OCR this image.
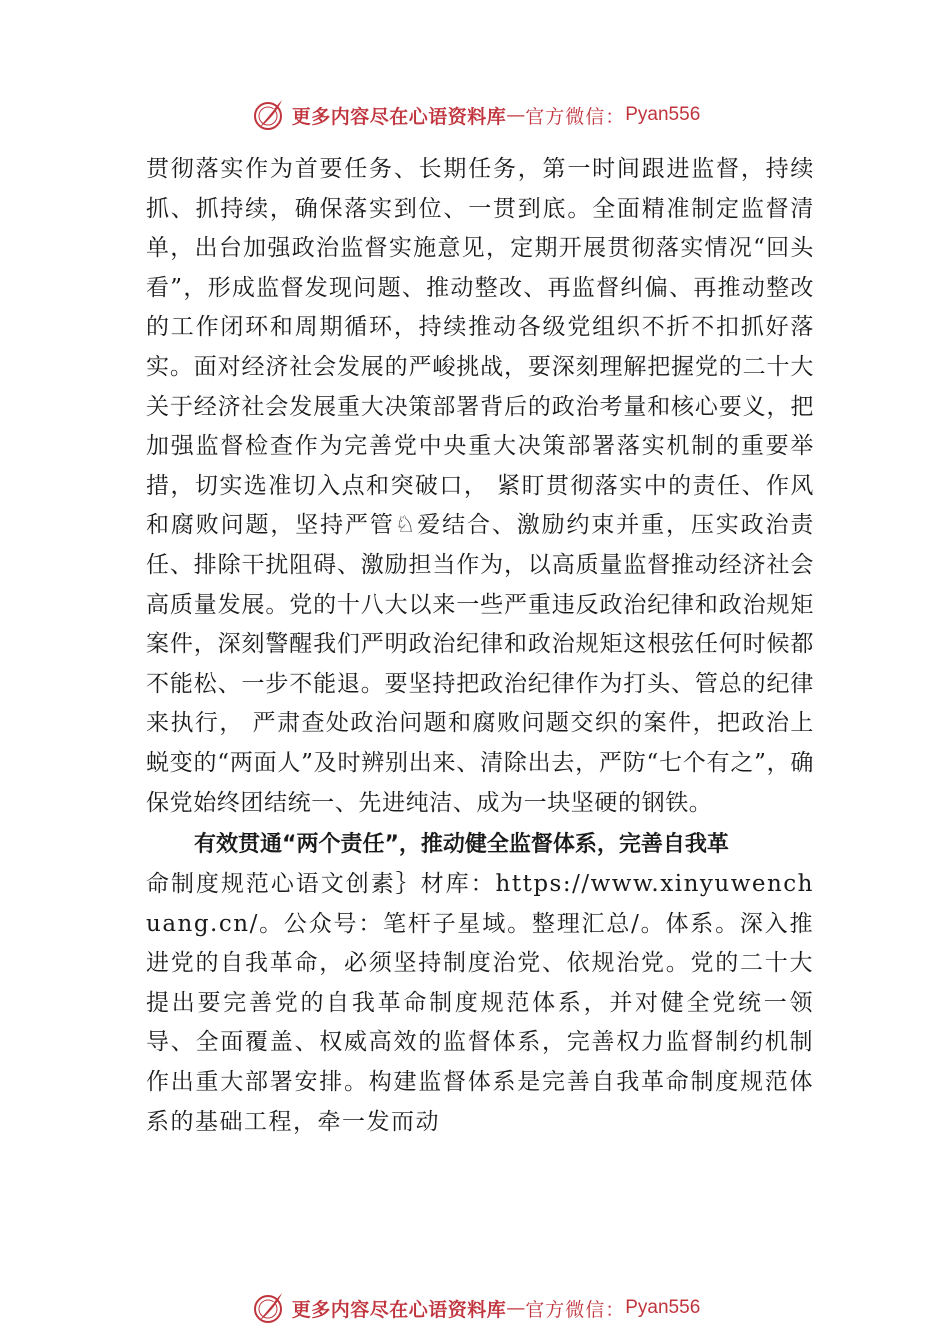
更多内容尽在心语资料库 — 官方微信： Pyan556

贯彻落实作为首要任务、长期任务，第一时间跟进监督，持续抓、抓持续，确保落实到位、一贯到底。全面精准制定监督清单，出台加强政治监督实施意见，定期开展贯彻落实情况“回头看”，形成监督发现问题、推动整改、再监督纠偏、再推动整改的工作闭环和周期循环，持续推动各级党组织不折不扣抓好落实。面对经济社会发展的严峻挑战，要深刻理解把握党的二十大关于经济社会发展重大决策部署背后的政治考量和核心要义，把加强监督检查作为完善党中央重大决策部署落实机制的重要举措，切实选准切入点和突破口， 紧盯贯彻落实中的责任、作风和腐败问题，坚持严管♘爱结合、激励约束并重，压实政治责任、排除干扰阻碍、激励担当作为，以高质量监督推动经济社会高质量发展。党的十八大以来一些严重违反政治纪律和政治规矩案件，深刻警醒我们严明政治纪律和政治规矩这根弦任何时候都不能松、一步不能退。要坚持把政治纪律作为打头、管总的纪律来执行， 严肃查处政治问题和腐败问题交织的案件，把政治上蜕变的“两面人”及时辨别出来、清除出去，严防“七个有之”，确保党始终团结统一、先进纯洁、成为一块坚硬的钢铁。

有效贯通“两个责任”，推动健全监督体系，完善自我革

命制度规范心语文创素｝材库：https://www.xinyuwenchuang.cn/。公众号：笔杆子星域。整理汇总/。体系。深入推进党的自我革命，必须坚持制度治党、依规治党。党的二十大提出要完善党的自我革命制度规范体系，并对健全党统一领导、全面覆盖、权威高效的监督体系，完善权力监督制约机制作出重大部署安排。构建监督体系是完善自我革命制度规范体系的基础工程，牵一发而动

更多内容尽在心语资料库 — 官方微信： Pyan556
